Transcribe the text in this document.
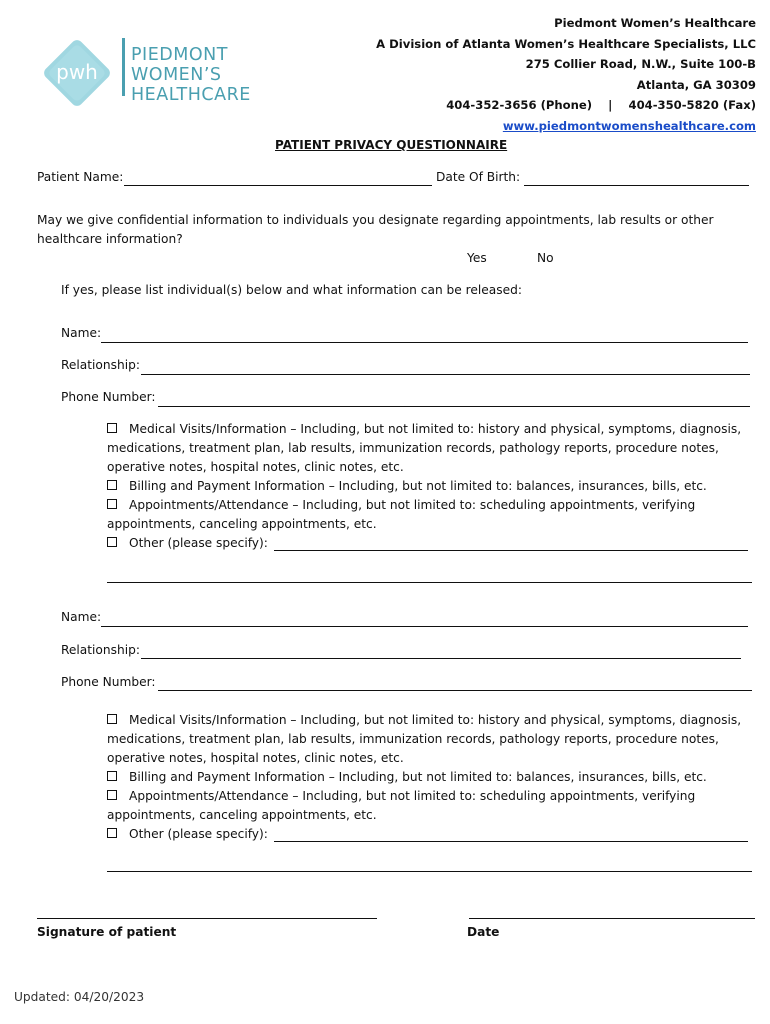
pwh
PIEDMONT
WOMEN’S
HEALTHCARE
Piedmont Women’s Healthcare
A Division of Atlanta Women’s Healthcare Specialists, LLC
275 Collier Road, N.W., Suite 100-B
Atlanta, GA 30309
404-352-3656 (Phone)    |    404-350-5820 (Fax)
www.piedmontwomenshealthcare.com
PATIENT PRIVACY QUESTIONNAIRE
Patient Name:	Date Of Birth:
May we give confidential information to individuals you designate regarding appointments, lab results or other
healthcare information?
Yes	No
If yes, please list individual(s) below and what information can be released:
Name:
Relationship:
Phone Number:
Medical Visits/Information – Including, but not limited to: history and physical, symptoms, diagnosis,
medications, treatment plan, lab results, immunization records, pathology reports, procedure notes,
operative notes, hospital notes, clinic notes, etc.
Billing and Payment Information – Including, but not limited to: balances, insurances, bills, etc.
Appointments/Attendance – Including, but not limited to: scheduling appointments, verifying
appointments, canceling appointments, etc.
Other (please specify):
Name:
Relationship:
Phone Number:
Medical Visits/Information – Including, but not limited to: history and physical, symptoms, diagnosis,
medications, treatment plan, lab results, immunization records, pathology reports, procedure notes,
operative notes, hospital notes, clinic notes, etc.
Billing and Payment Information – Including, but not limited to: balances, insurances, bills, etc.
Appointments/Attendance – Including, but not limited to: scheduling appointments, verifying
appointments, canceling appointments, etc.
Other (please specify):
Signature of patient	Date
Updated: 04/20/2023
